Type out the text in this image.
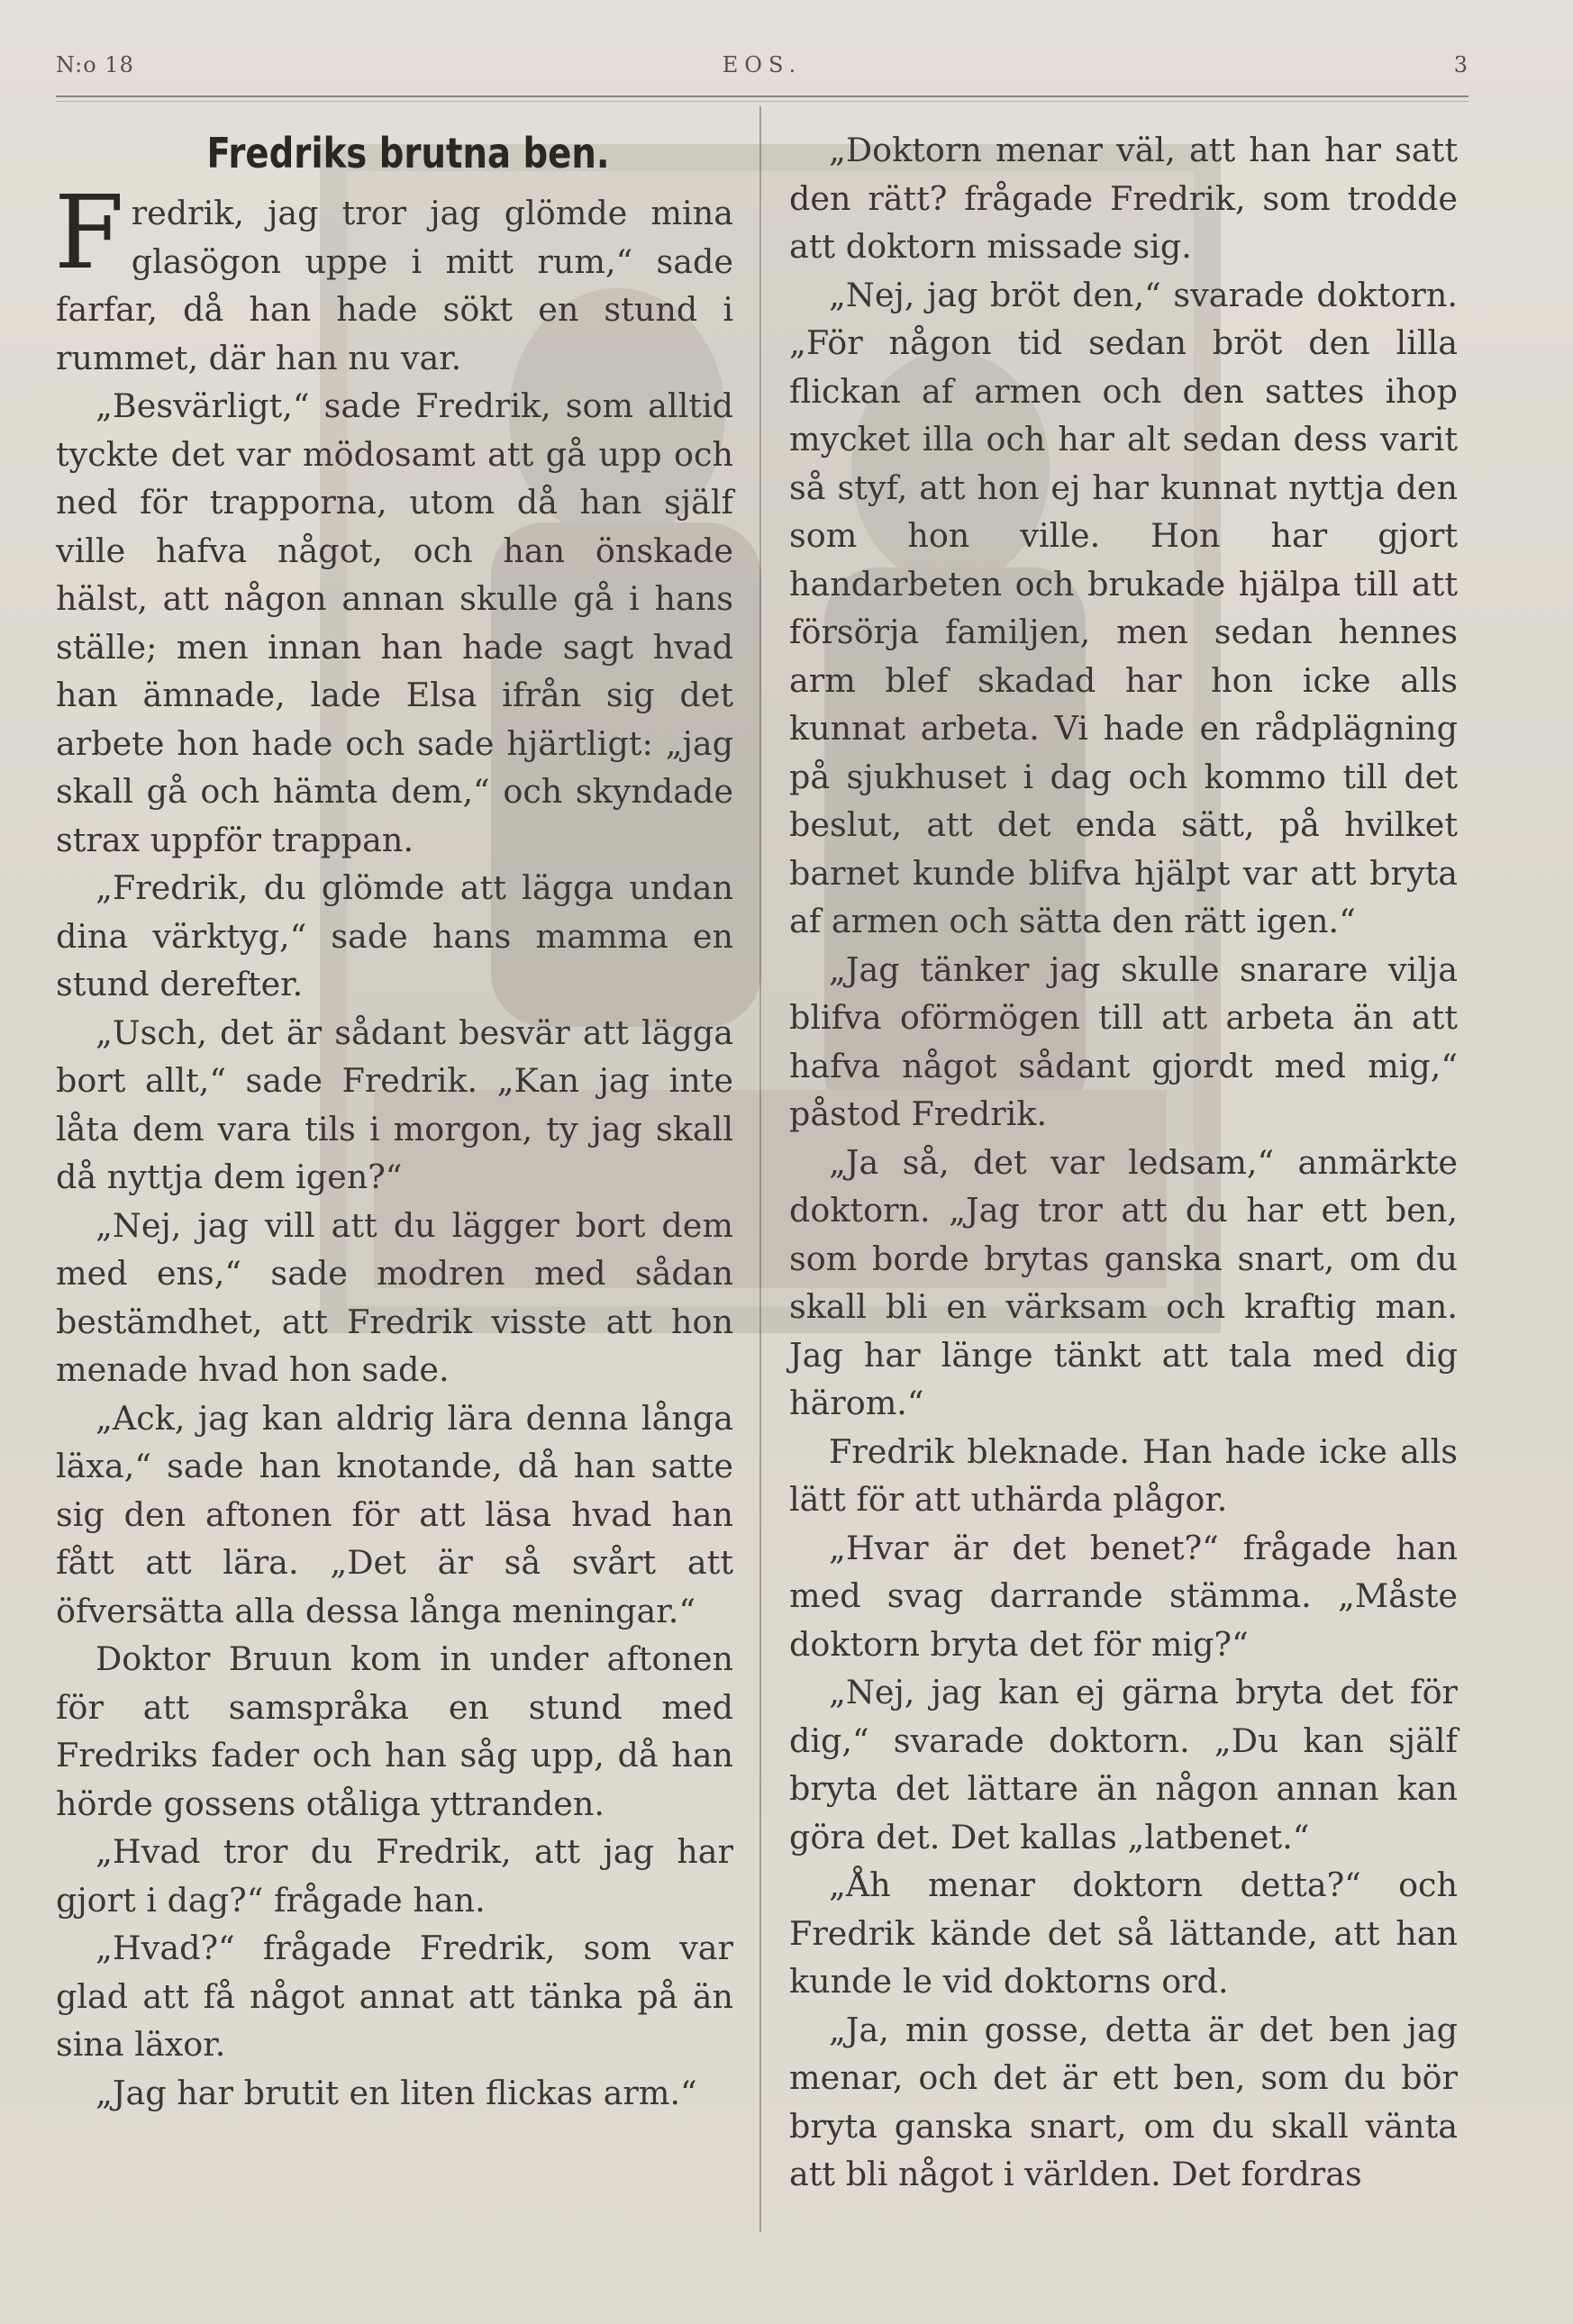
N:o 18	EOS.	3
Fredriks brutna ben.

Fredrik, jag tror jag glömde mina glasögon uppe i mitt rum,“ sade farfar, då han hade sökt en stund i rummet, där han nu var.

„Besvärligt,“ sade Fredrik, som alltid tyckte det var mödosamt att gå upp och ned för trapporna, utom då han själf ville hafva något, och han önskade hälst, att någon annan skulle gå i hans ställe; men innan han hade sagt hvad han ämnade, lade Elsa ifrån sig det arbete hon hade och sade hjärtligt: „jag skall gå och hämta dem,“ och skyndade strax uppför trappan.

„Fredrik, du glömde att lägga undan dina värktyg,“ sade hans mamma en stund derefter.

„Usch, det är sådant besvär att lägga bort allt,“ sade Fredrik. „Kan jag inte låta dem vara tils i morgon, ty jag skall då nyttja dem igen?“

„Nej, jag vill att du lägger bort dem med ens,“ sade modren med sådan bestämdhet, att Fredrik visste att hon menade hvad hon sade.

„Ack, jag kan aldrig lära denna långa läxa,“ sade han knotande, då han satte sig den aftonen för att läsa hvad han fått att lära. „Det är så svårt att öfversätta alla dessa långa meningar.“

Doktor Bruun kom in under aftonen för att samspråka en stund med Fredriks fader och han såg upp, då han hörde gossens otåliga yttranden.

„Hvad tror du Fredrik, att jag har gjort i dag?“ frågade han.

„Hvad?“ frågade Fredrik, som var glad att få något annat att tänka på än sina läxor.

„Jag har brutit en liten flickas arm.“

„Doktorn menar väl, att han har satt den rätt? frågade Fredrik, som trodde att doktorn missade sig.

„Nej, jag bröt den,“ svarade doktorn. „För någon tid sedan bröt den lilla flickan af armen och den sattes ihop mycket illa och har alt sedan dess varit så styf, att hon ej har kunnat nyttja den som hon ville. Hon har gjort handarbeten och brukade hjälpa till att försörja familjen, men sedan hennes arm blef skadad har hon icke alls kunnat arbeta. Vi hade en rådplägning på sjukhuset i dag och kommo till det beslut, att det enda sätt, på hvilket barnet kunde blifva hjälpt var att bryta af armen och sätta den rätt igen.“

„Jag tänker jag skulle snarare vilja blifva oförmögen till att arbeta än att hafva något sådant gjordt med mig,“ påstod Fredrik.

„Ja så, det var ledsam,“ anmärkte doktorn. „Jag tror att du har ett ben, som borde brytas ganska snart, om du skall bli en värksam och kraftig man. Jag har länge tänkt att tala med dig härom.“

Fredrik bleknade. Han hade icke alls lätt för att uthärda plågor.

„Hvar är det benet?“ frågade han med svag darrande stämma. „Måste doktorn bryta det för mig?“

„Nej, jag kan ej gärna bryta det för dig,“ svarade doktorn. „Du kan själf bryta det lättare än någon annan kan göra det. Det kallas „latbenet.“

„Åh menar doktorn detta?“ och Fredrik kände det så lättande, att han kunde le vid doktorns ord.

„Ja, min gosse, detta är det ben jag menar, och det är ett ben, som du bör bryta ganska snart, om du skall vänta att bli något i världen. Det fordras
